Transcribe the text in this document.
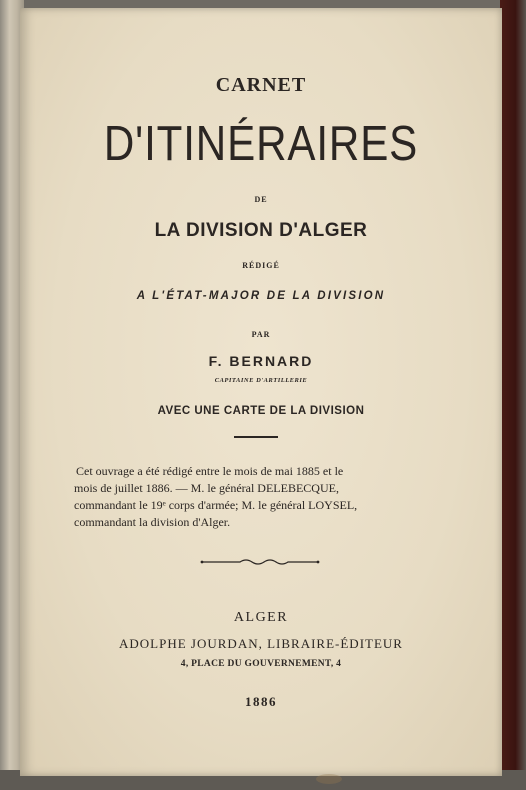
CARNET
D'ITINÉRAIRES
DE
LA DIVISION D'ALGER
RÉDIGÉ
A L'ÉTAT-MAJOR DE LA DIVISION
PAR
F. BERNARD
CAPITAINE D'ARTILLERIE
AVEC UNE CARTE DE LA DIVISION

Cet ouvrage a été rédigé entre le mois de mai 1885 et le

mois de juillet 1886. — M. le général DELEBECQUE,

commandant le 19ᵉ corps d'armée; M. le général LOYSEL,

commandant la division d'Alger.

ALGER
ADOLPHE JOURDAN, LIBRAIRE-ÉDITEUR
4, PLACE DU GOUVERNEMENT, 4
1886
